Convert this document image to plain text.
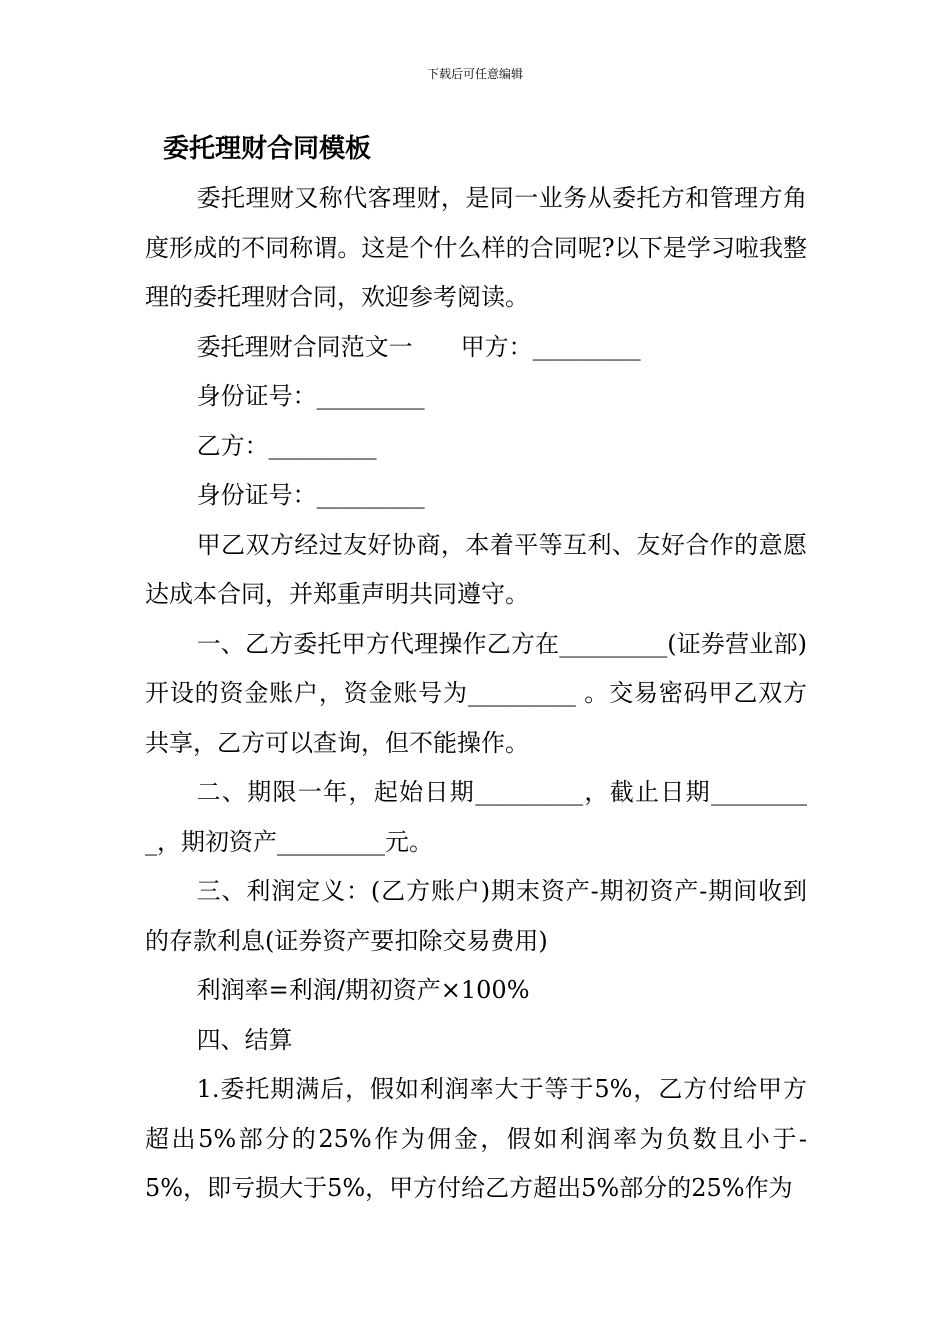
下载后可任意编辑
委托理财合同模板

委托理财又称代客理财，是同一业务从委托方和管理方角度形成的不同称谓。这是个什么样的合同呢?以下是学习啦我整理的委托理财合同，欢迎参考阅读。

委托理财合同范文一　　甲方：_________

身份证号：_________

乙方：_________

身份证号：_________

甲乙双方经过友好协商，本着平等互利、友好合作的意愿达成本合同，并郑重声明共同遵守。

一、乙方委托甲方代理操作乙方在_________(证券营业部)开设的资金账户，资金账号为_________ 。交易密码甲乙双方共享，乙方可以查询，但不能操作。

二、期限一年，起始日期_________，截止日期_________，期初资产_________元。

三、利润定义：(乙方账户)期末资产-期初资产-期间收到的存款利息(证券资产要扣除交易费用)

利润率=利润/期初资产×100%

四、结算

1.委托期满后，假如利润率大于等于5%，乙方付给甲方超出5%部分的25%作为佣金，假如利润率为负数且小于-5%，即亏损大于5%，甲方付给乙方超出5%部分的25%作为
